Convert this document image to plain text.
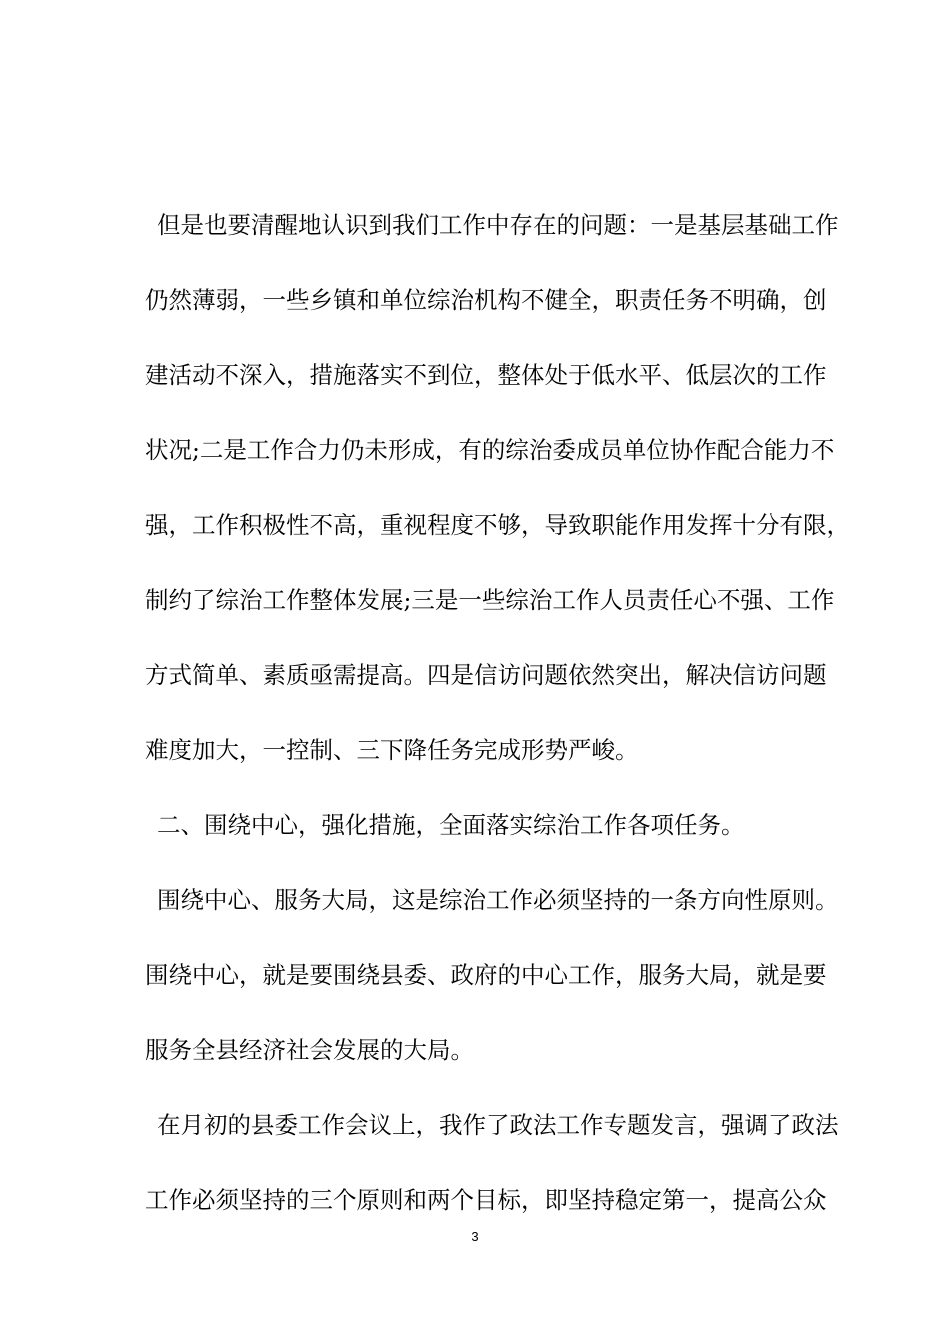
但是也要清醒地认识到我们工作中存在的问题：一是基层基础工作
仍然薄弱，一些乡镇和单位综治机构不健全，职责任务不明确，创
建活动不深入，措施落实不到位，整体处于低水平、低层次的工作
状况;二是工作合力仍未形成，有的综治委成员单位协作配合能力不
强，工作积极性不高，重视程度不够，导致职能作用发挥十分有限，
制约了综治工作整体发展;三是一些综治工作人员责任心不强、工作
方式简单、素质亟需提高。四是信访问题依然突出，解决信访问题
难度加大，一控制、三下降任务完成形势严峻。
二、围绕中心，强化措施，全面落实综治工作各项任务。
围绕中心、服务大局，这是综治工作必须坚持的一条方向性原则。
围绕中心，就是要围绕县委、政府的中心工作，服务大局，就是要
服务全县经济社会发展的大局。
在月初的县委工作会议上，我作了政法工作专题发言，强调了政法
工作必须坚持的三个原则和两个目标，即坚持稳定第一，提高公众
3
